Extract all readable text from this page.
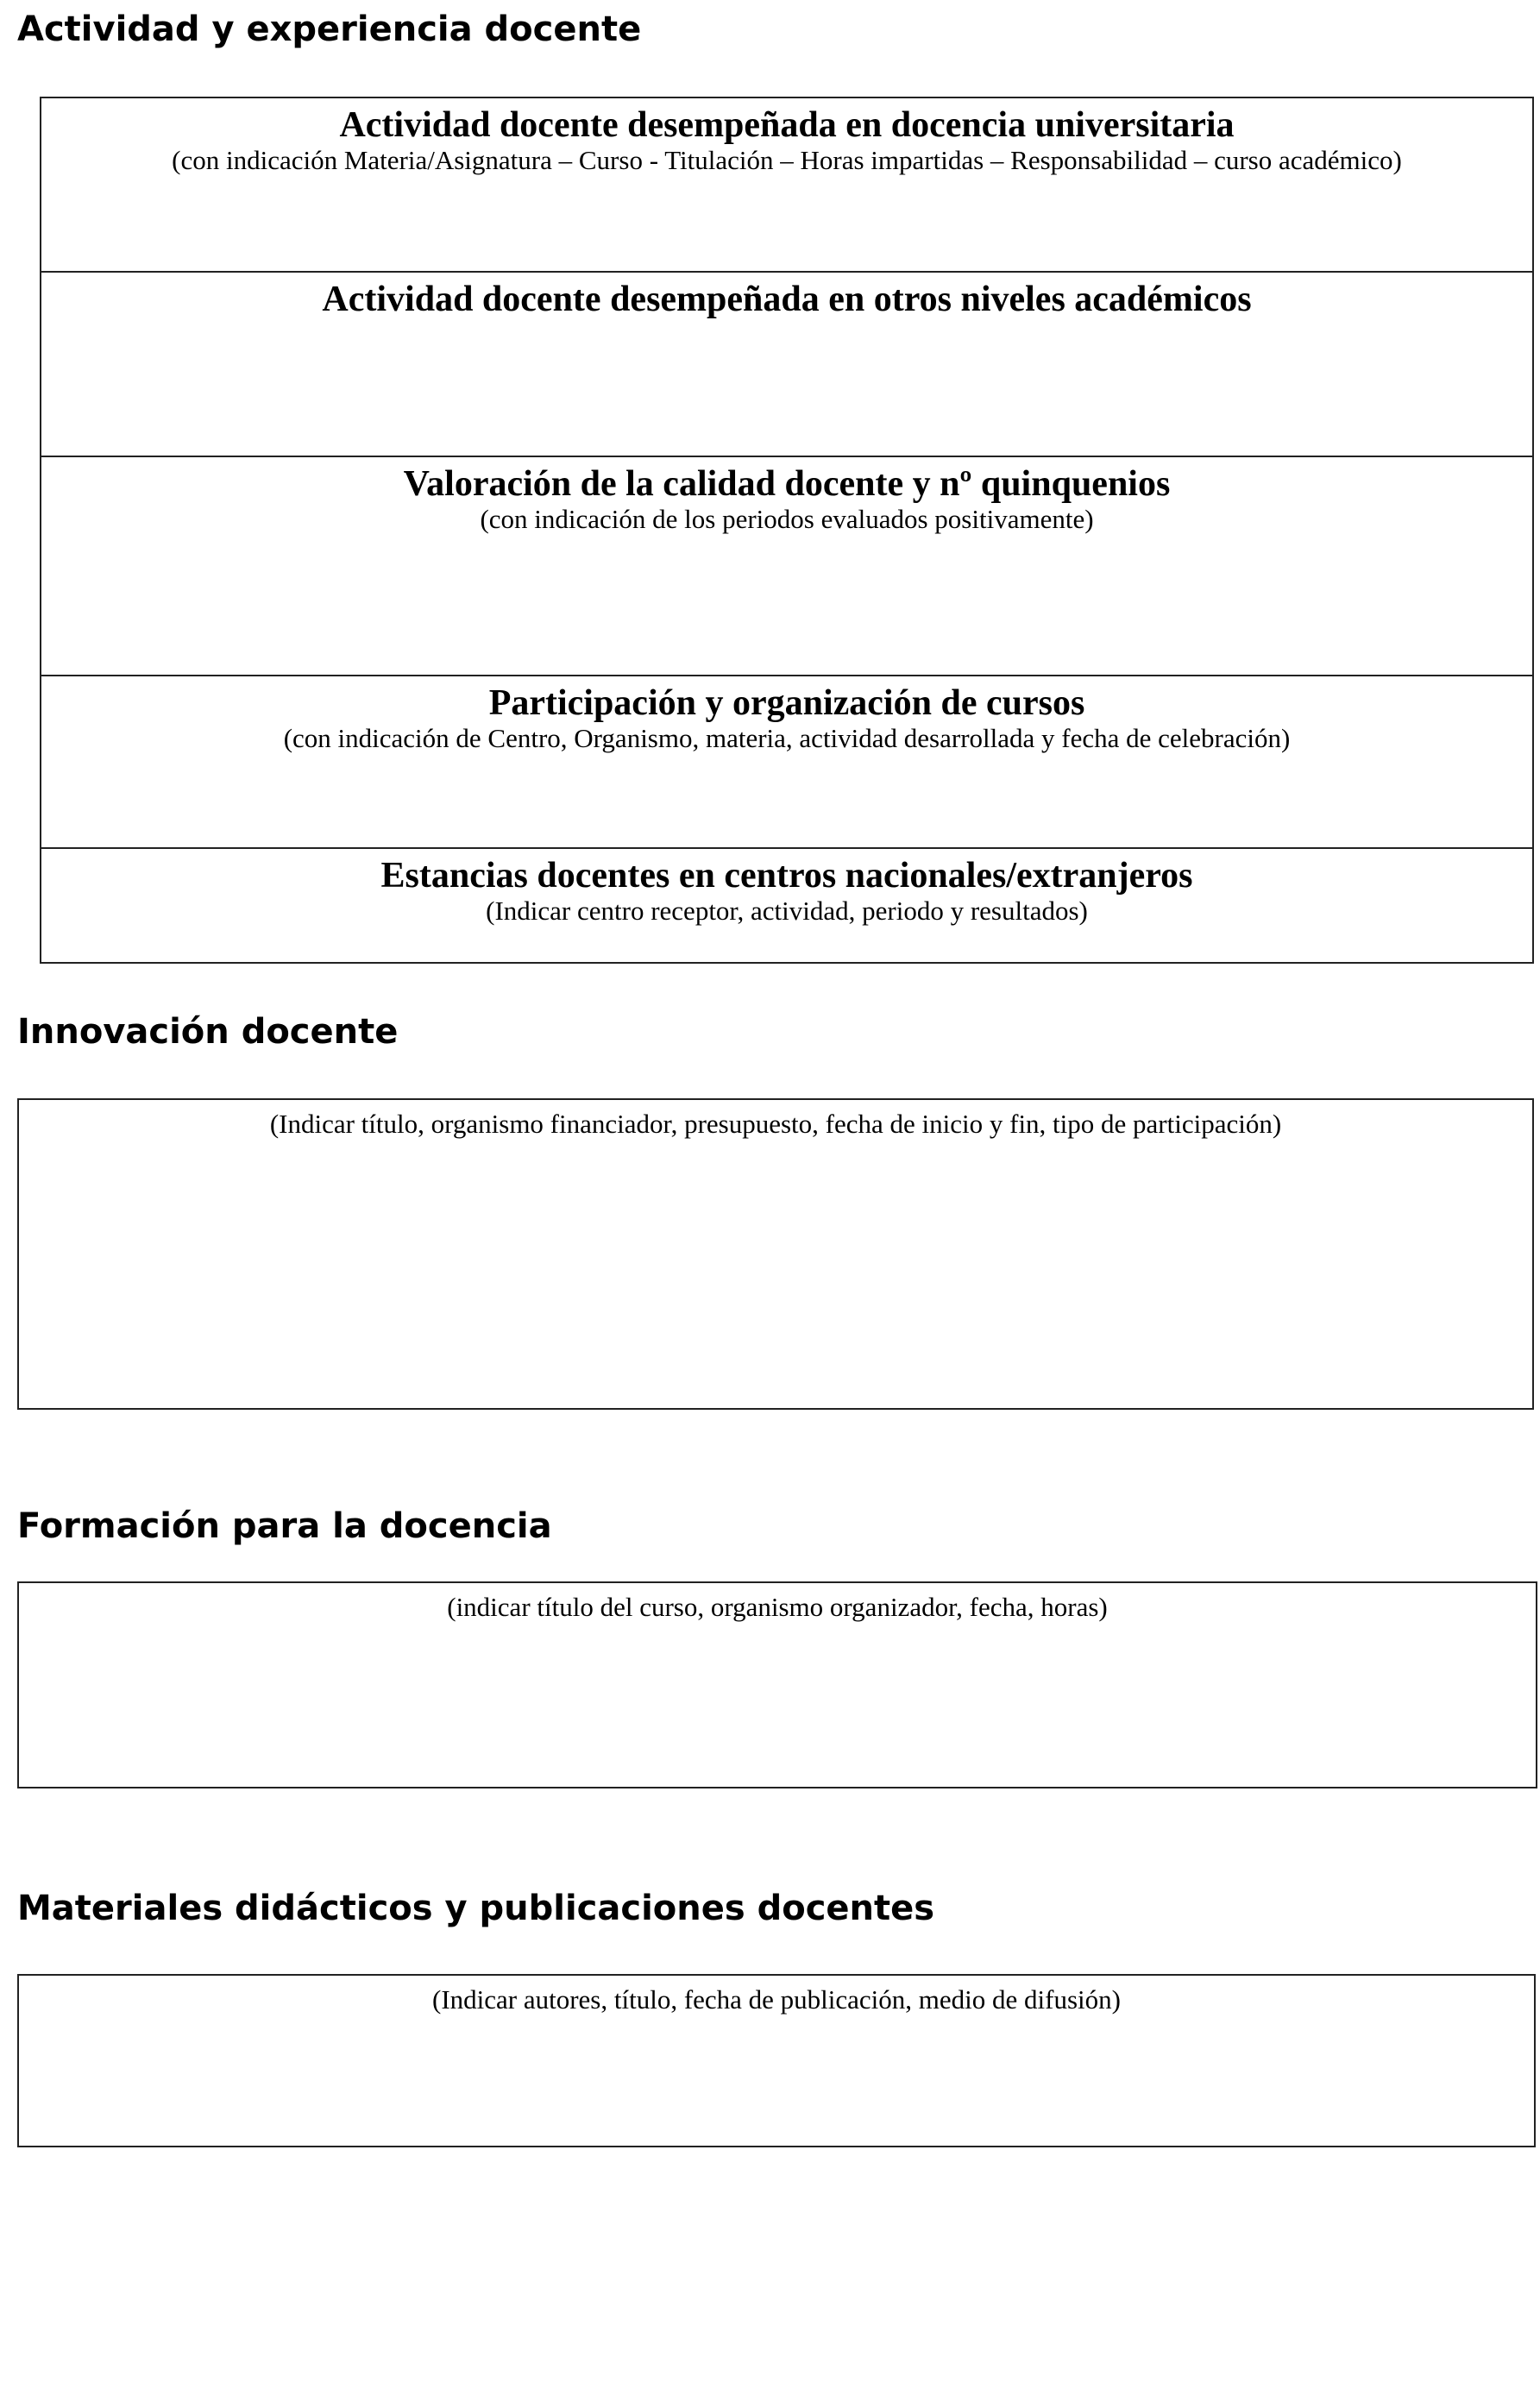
Actividad y experiencia docente
Actividad docente desempeñada en docencia universitaria
(con indicación Materia/Asignatura – Curso - Titulación – Horas impartidas – Responsabilidad – curso académico)
Actividad docente desempeñada en otros niveles académicos
Valoración de la calidad docente y nº quinquenios
(con indicación de los periodos evaluados positivamente)
Participación y organización de cursos
(con indicación de Centro, Organismo, materia, actividad desarrollada y fecha de celebración)
Estancias docentes en centros nacionales/extranjeros
(Indicar centro receptor, actividad, periodo y resultados)
Innovación docente
(Indicar título, organismo financiador, presupuesto, fecha de inicio y fin, tipo de participación)
Formación para la docencia
(indicar título del curso, organismo organizador, fecha, horas)
Materiales didácticos y publicaciones docentes
(Indicar autores, título, fecha de publicación, medio de difusión)
